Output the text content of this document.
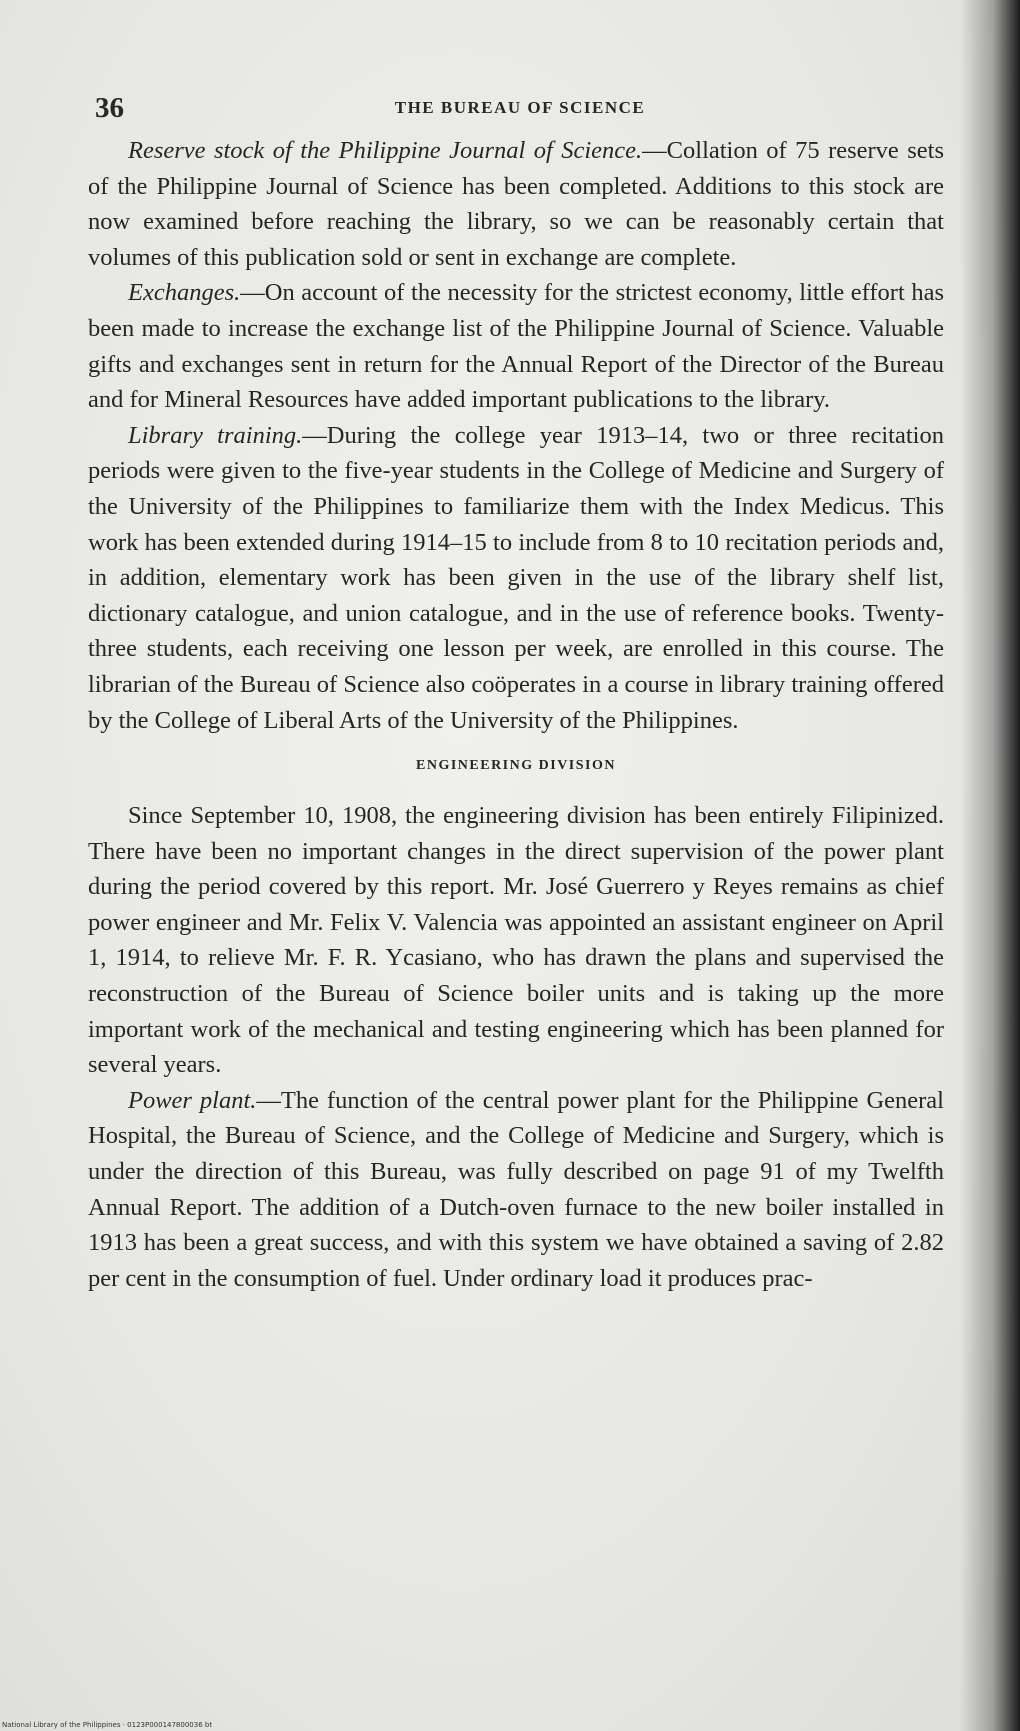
36	THE BUREAU OF SCIENCE

Reserve stock of the Philippine Journal of Science.—Collation of 75 reserve sets of the Philippine Journal of Science has been completed. Additions to this stock are now examined before reaching the library, so we can be reasonably certain that volumes of this publication sold or sent in exchange are complete.

Exchanges.—On account of the necessity for the strictest economy, little effort has been made to increase the exchange list of the Philippine Journal of Science. Valuable gifts and exchanges sent in return for the Annual Report of the Director of the Bureau and for Mineral Resources have added important publications to the library.

Library training.—During the college year 1913–14, two or three recitation periods were given to the five-year students in the College of Medicine and Surgery of the University of the Philippines to familiarize them with the Index Medicus. This work has been extended during 1914–15 to include from 8 to 10 recitation periods and, in addition, elementary work has been given in the use of the library shelf list, dictionary catalogue, and union catalogue, and in the use of reference books. Twenty-three students, each receiving one lesson per week, are enrolled in this course. The librarian of the Bureau of Science also coöperates in a course in library training offered by the College of Liberal Arts of the University of the Philippines.

ENGINEERING DIVISION

Since September 10, 1908, the engineering division has been entirely Filipinized. There have been no important changes in the direct supervision of the power plant during the period covered by this report. Mr. José Guerrero y Reyes remains as chief power engineer and Mr. Felix V. Valencia was appointed an assistant engineer on April 1, 1914, to relieve Mr. F. R. Ycasiano, who has drawn the plans and supervised the reconstruction of the Bureau of Science boiler units and is taking up the more important work of the mechanical and testing engineering which has been planned for several years.

Power plant.—The function of the central power plant for the Philippine General Hospital, the Bureau of Science, and the College of Medicine and Surgery, which is under the direction of this Bureau, was fully described on page 91 of my Twelfth Annual Report. The addition of a Dutch-oven furnace to the new boiler installed in 1913 has been a great success, and with this system we have obtained a saving of 2.82 per cent in the consumption of fuel. Under ordinary load it produces prac-

National Library of the Philippines · 0123P000147800036 bt
